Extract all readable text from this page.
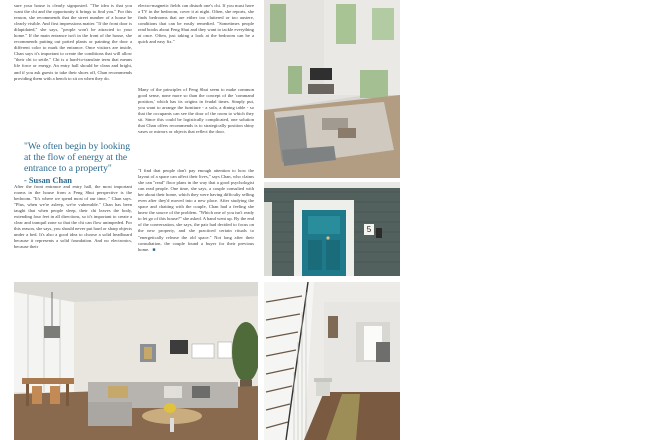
sure your house is clearly signposted. "The idea is that you want the chi and the opportunity it brings to find you." For this reason, she recommends that the street number of a house be clearly visible. And first impressions matter. "If the front door is dilapidated," she says, "people won't be attracted to your home." If the main entrance isn't in the front of the house, she recommends putting out potted plants or painting the door a different color to mark the entrance. Once visitors are inside, Chan says it's important to create the conditions that will allow "their chi to settle." Chi is a hard-to-translate term that means life force or energy. An entry hall should be clean and bright, and if you ask guests to take their shoes off, Chan recommends providing them with a bench to sit on when they do.

"We often begin by looking at the flow of energy at the entrance to a property"
- Susan Chan

After the front entrance and entry hall, the most important rooms in the house from a Feng Shui perspective is the bedroom. "It's where we spend most of our time, " Chan says. "Plus, when we're asleep, we're vulnerable." Chan has been taught that when people sleep, their chi leaves the body, extending four feet in all directions, so it's important to create a clear and tranquil zone so that the chi can flow unimpeded. For this reason, she says, you should never put hard or sharp objects under a bed. It's also a good idea to choose a solid headboard because it represents a solid foundation. And no electronics, because their

electro-magnetic fields can disturb one's chi. If you must have a TV in the bedroom, cover it at night. Often, she reports, she finds bedrooms that are either too cluttered or too austere, conditions that can be easily remedied. "Sometimes people read books about Feng Shui and they want to tackle everything at once. Often, just taking a look at the bedroom can be a quick and easy fix."

Many of the principles of Feng Shui seem to make common good sense, none more so than the concept of the 'command position,' which has its origins in feudal times. Simply put, you want to arrange the furniture - a sofa, a dining table - so that the occupants can see the door of the room to which they sit. Since this could be logistically complicated, one solution that Chan offers recommends is to strategically position shiny vases or mirrors or objects that reflect the door.

"I find that people don't pay enough attention to how the layout of a space can affect their lives," says Chan, who claims she can "read" floor plans in the way that a good psychologist can read people. One time, she says, a couple consulted with her about their home, which they were having difficulty selling even after they'd moved into a new place. After studying the space and chatting with the couple, Chan had a feeling she knew the source of the problem. "Which one of you isn't ready to let go of this house?" she asked. A hand went up. By the end of the conversation, she says, the pair had decided to focus on the new property, and she practiced certain rituals to "energetically release the old space." Not long after their consultation, the couple found a buyer for their previous home. ■

5
